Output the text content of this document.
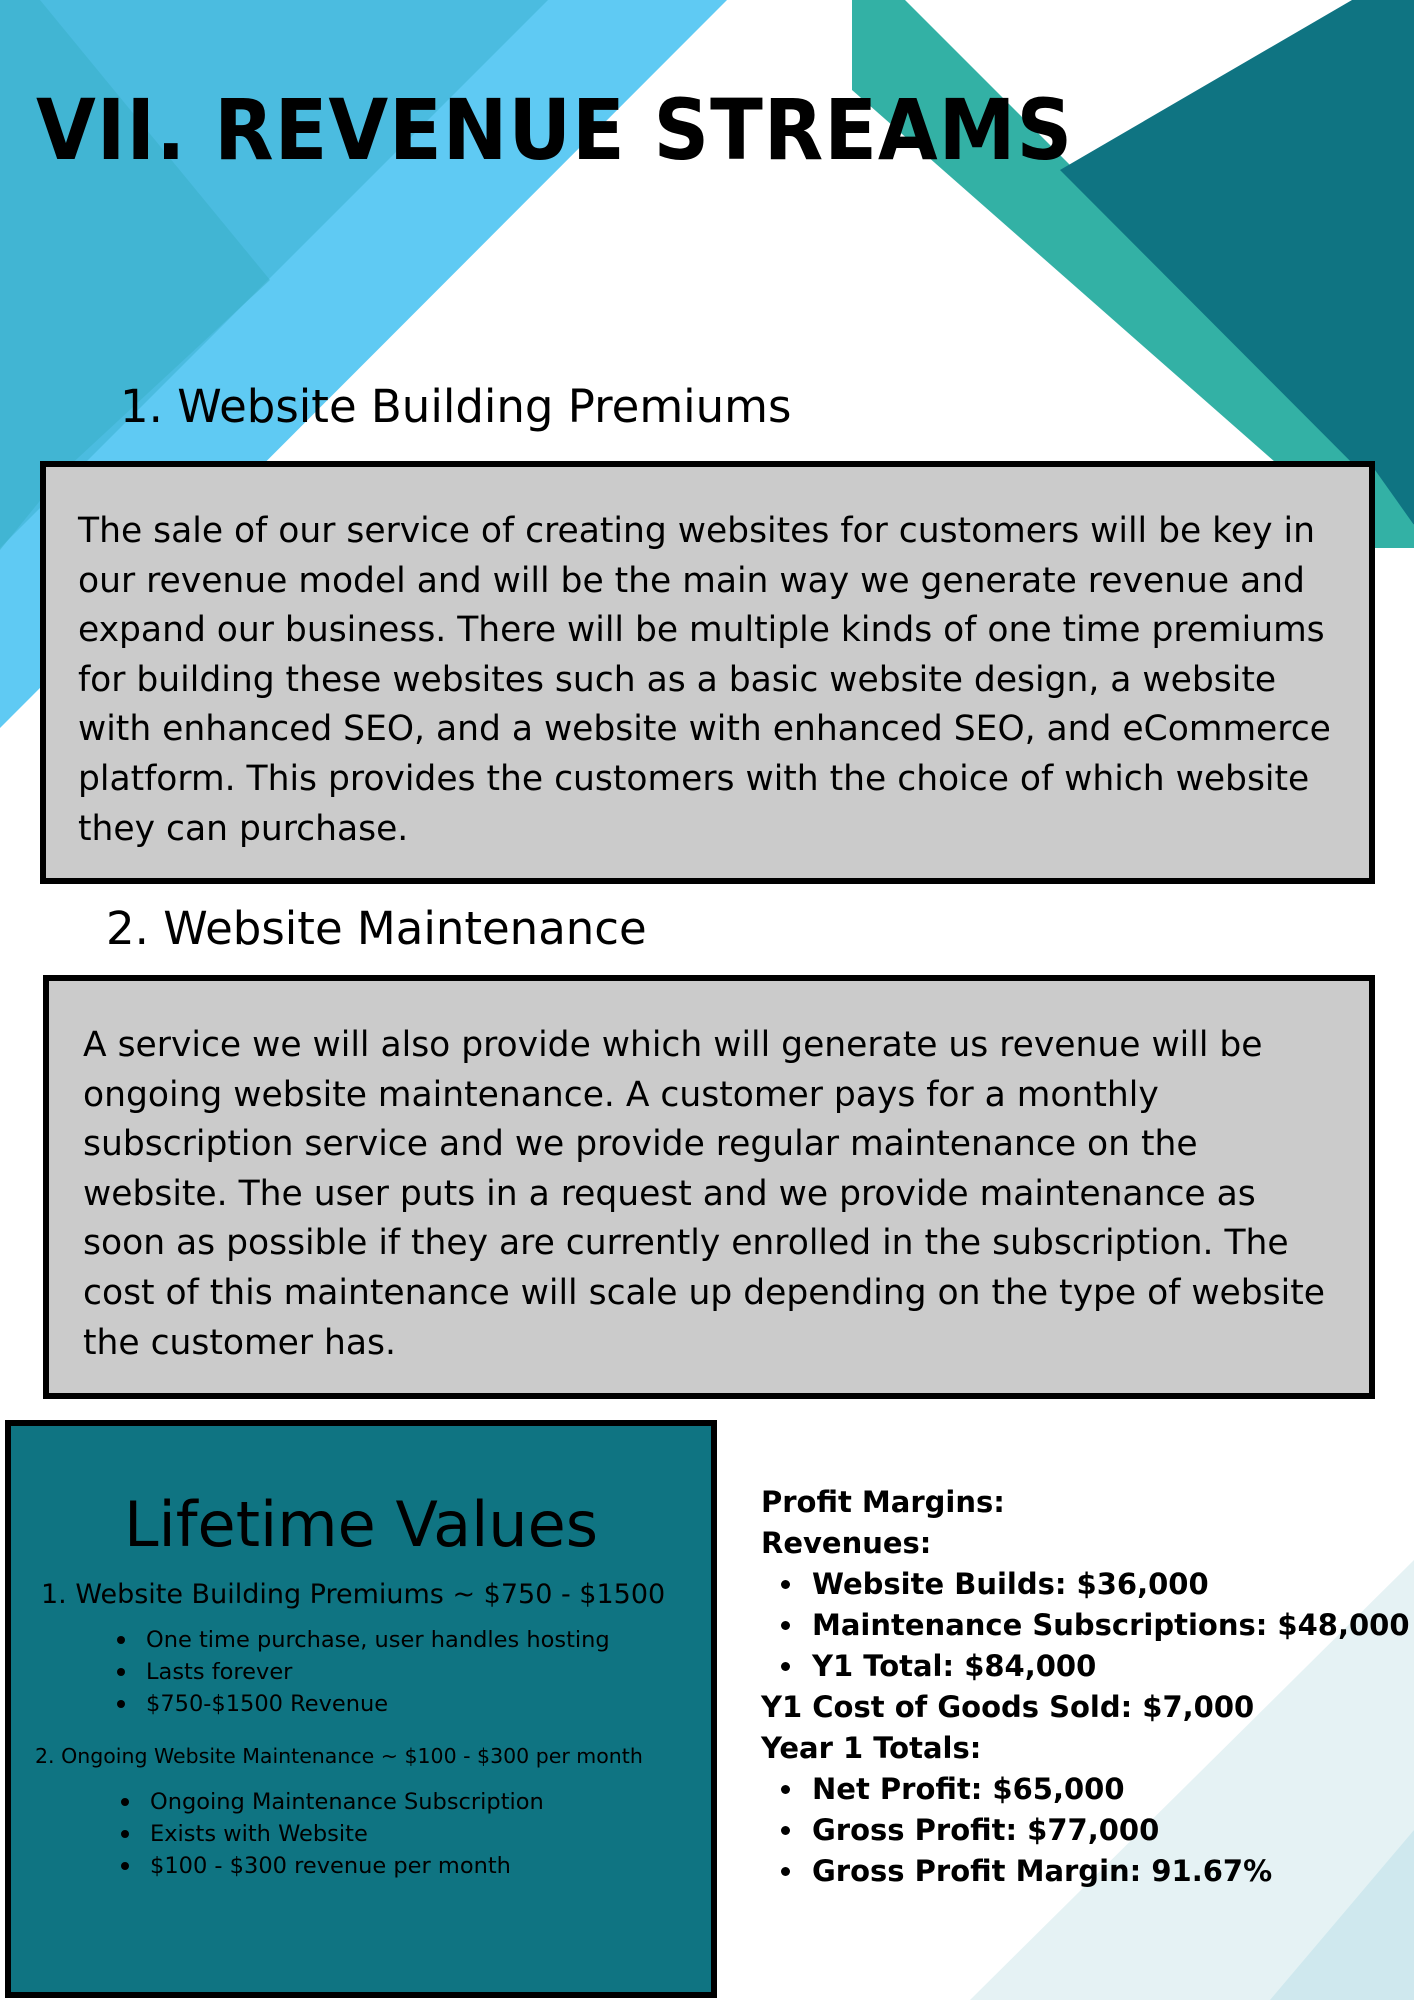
VII. REVENUE STREAMS
1. Website Building Premiums

The sale of our service of creating websites for customers will be key in our revenue model and will be the main way we generate revenue and expand our business. There will be multiple kinds of one time premiums for building these websites such as a basic website design, a website with enhanced SEO, and a website with enhanced SEO, and eCommerce platform. This provides the customers with the choice of which website they can purchase.

2. Website Maintenance

A service we will also provide which will generate us revenue will be ongoing website maintenance. A customer pays for a monthly subscription service and we provide regular maintenance on the website. The user puts in a request and we provide maintenance as soon as possible if they are currently enrolled in the subscription. The cost of this maintenance will scale up depending on the type of website the customer has.

Lifetime Values
1. Website Building Premiums ~ $750 - $1500
One time purchase, user handles hosting
Lasts forever
$750-$1500 Revenue
2. Ongoing Website Maintenance ~ $100 - $300 per month
Ongoing Maintenance Subscription
Exists with Website
$100 - $300 revenue per month
Profit Margins:
Revenues:
Website Builds: $36,000
Maintenance Subscriptions: $48,000
Y1 Total: $84,000
Y1 Cost of Goods Sold: $7,000
Year 1 Totals:
Net Profit: $65,000
Gross Profit: $77,000
Gross Profit Margin: 91.67%
